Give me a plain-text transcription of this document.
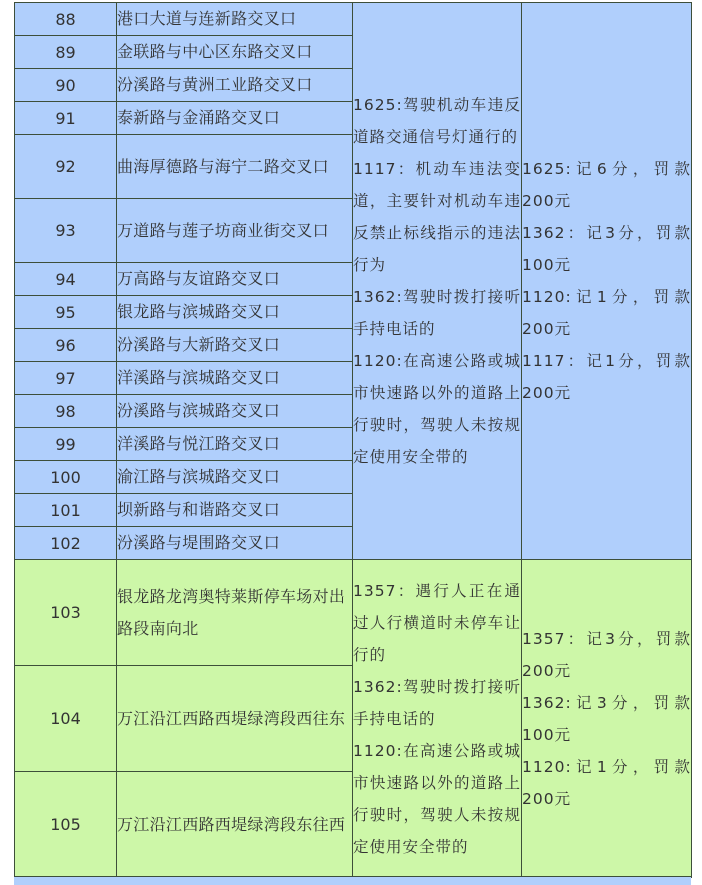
88	港口大道与连新路交叉口	1625:驾驶机动车违反道路交通信号灯通行的
1117：机动车违法变道，主要针对机动车违反禁止标线指示的违法行为
1362:驾驶时拨打接听手持电话的
1120:在高速公路或城市快速路以外的道路上行驶时，驾驶人未按规定使用安全带的	1625:记6分，罚款200元
1362：记3分，罚款100元
1120:记1分，罚款200元
1117：记1分，罚款200元

89	金联路与中心区东路交叉口		
90	汾溪路与黄洲工业路交叉口		
91	泰新路与金涌路交叉口		
92	曲海厚德路与海宁二路交叉口		
93	万道路与莲子坊商业街交叉口		
94	万高路与友谊路交叉口		
95	银龙路与滨城路交叉口		
96	汾溪路与大新路交叉口		
97	洋溪路与滨城路交叉口		
98	汾溪路与滨城路交叉口		
99	洋溪路与悦江路交叉口		
100	渝江路与滨城路交叉口		
101	坝新路与和谐路交叉口		
102	汾溪路与堤围路交叉口		
103	银龙路龙湾奥特莱斯停车场对出路段南向北	1357：遇行人正在通过人行横道时未停车让行的
1362:驾驶时拨打接听手持电话的
1120:在高速公路或城市快速路以外的道路上行驶时，驾驶人未按规定使用安全带的	1357：记3分，罚款200元
1362:记3分，罚款100元
1120:记1分，罚款200元

104	万江沿江西路西堤绿湾段西往东		
105	万江沿江西路西堤绿湾段东往西		
